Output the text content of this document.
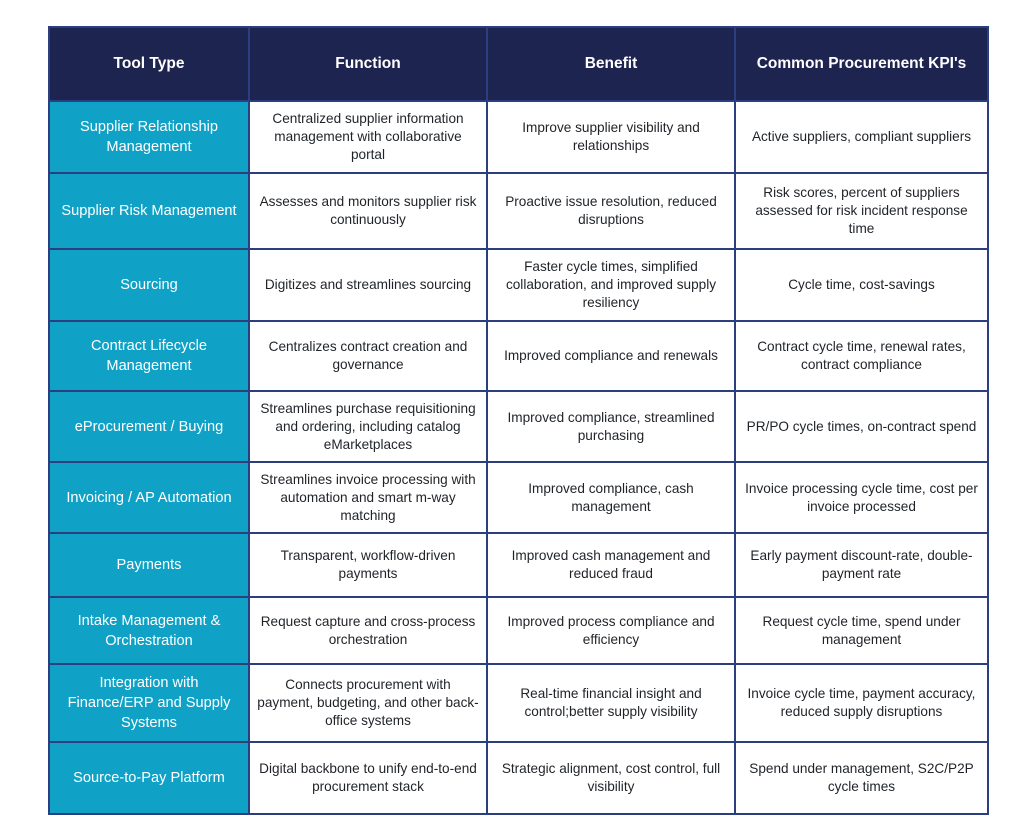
Tool Type	Function	Benefit	Common Procurement KPI's
Supplier Relationship Management	Centralized supplier information management with collaborative portal	Improve supplier visibility and relationships	Active suppliers, compliant suppliers
Supplier Risk Management	Assesses and monitors supplier risk continuously	Proactive issue resolution, reduced disruptions	Risk scores, percent of suppliers assessed for risk incident response time
Sourcing	Digitizes and streamlines sourcing	Faster cycle times, simplified collaboration, and improved supply resiliency	Cycle time, cost-savings
Contract Lifecycle Management	Centralizes contract creation and governance	Improved compliance and renewals	Contract cycle time, renewal rates, contract compliance
eProcurement / Buying	Streamlines purchase requisitioning and ordering, including catalog eMarketplaces	Improved compliance, streamlined purchasing	PR/PO cycle times, on-contract spend
Invoicing / AP Automation	Streamlines invoice processing with automation and smart m-way matching	Improved compliance, cash management	Invoice processing cycle time, cost per invoice processed
Payments	Transparent, workflow-driven payments	Improved cash management and reduced fraud	Early payment discount-rate, double-payment rate
Intake Management & Orchestration	Request capture and cross-process orchestration	Improved process compliance and efficiency	Request cycle time, spend under management
Integration with Finance/ERP and Supply Systems	Connects procurement with payment, budgeting, and other back-office systems	Real-time financial insight and control;better supply visibility	Invoice cycle time, payment accuracy, reduced supply disruptions
Source-to-Pay Platform	Digital backbone to unify end-to-end procurement stack	Strategic alignment, cost control, full visibility	Spend under management, S2C/P2P cycle times
